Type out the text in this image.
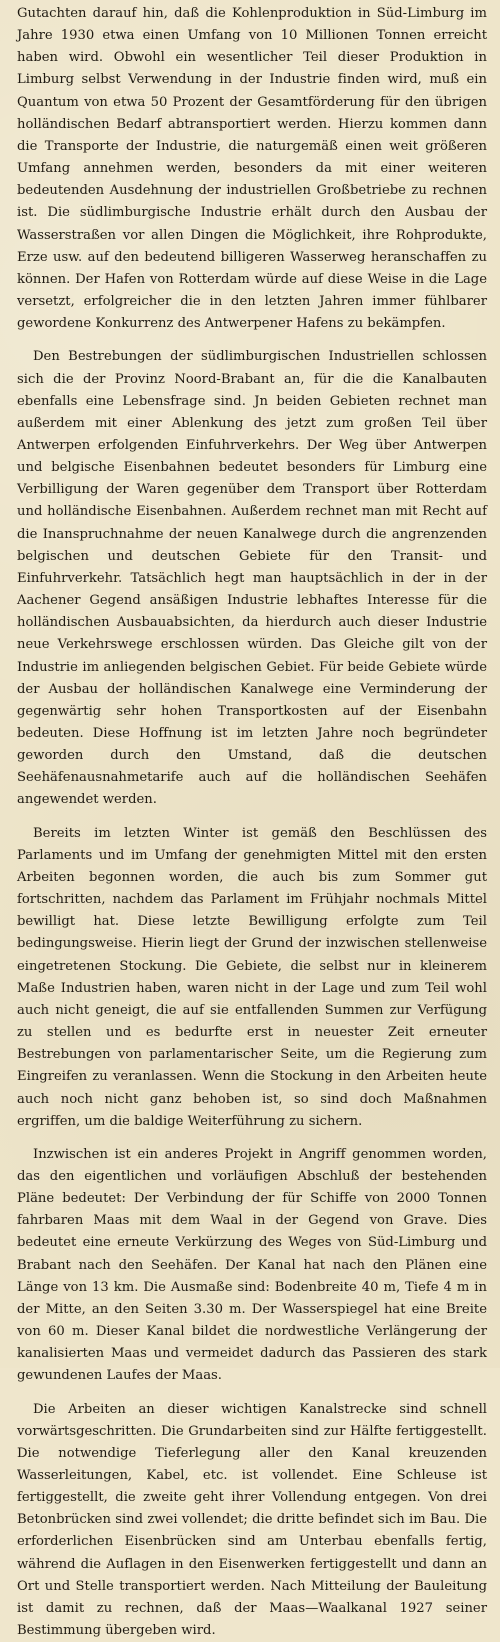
Gutachten darauf hin, daß die Kohlenproduktion in Süd-Limburg im Jahre 1930 etwa einen Umfang von 10 Millionen Tonnen erreicht haben wird. Obwohl ein wesentlicher Teil dieser Produktion in Limburg selbst Verwendung in der Industrie finden wird, muß ein Quantum von etwa 50 Prozent der Gesamtförderung für den übrigen holländischen Bedarf abtransportiert werden. Hierzu kommen dann die Transporte der Industrie, die naturgemäß einen weit größeren Umfang annehmen werden, besonders da mit einer weiteren bedeutenden Ausdehnung der industriellen Großbetriebe zu rechnen ist. Die südlimburgische Industrie erhält durch den Ausbau der Wasserstraßen vor allen Dingen die Möglichkeit, ihre Rohprodukte, Erze usw. auf den bedeutend billigeren Wasserweg heranschaffen zu können. Der Hafen von Rotterdam würde auf diese Weise in die Lage versetzt, erfolgreicher die in den letzten Jahren immer fühlbarer gewordene Konkurrenz des Antwerpener Hafens zu bekämpfen.

Den Bestrebungen der südlimburgischen Industriellen schlossen sich die der Provinz Noord-Brabant an, für die die Kanalbauten ebenfalls eine Lebensfrage sind. Jn beiden Gebieten rechnet man außerdem mit einer Ablenkung des jetzt zum großen Teil über Antwerpen erfolgenden Einfuhrverkehrs. Der Weg über Antwerpen und belgische Eisenbahnen bedeutet besonders für Limburg eine Verbilligung der Waren gegenüber dem Transport über Rotterdam und holländische Eisenbahnen. Außerdem rechnet man mit Recht auf die Inanspruchnahme der neuen Kanalwege durch die angrenzenden belgischen und deutschen Gebiete für den Transit- und Einfuhrverkehr. Tatsächlich hegt man hauptsächlich in der in der Aachener Gegend ansäßigen Industrie lebhaftes Interesse für die holländischen Ausbauabsichten, da hierdurch auch dieser Industrie neue Verkehrswege erschlossen würden. Das Gleiche gilt von der Industrie im anliegenden belgischen Gebiet. Für beide Gebiete würde der Ausbau der holländischen Kanalwege eine Verminderung der gegenwärtig sehr hohen Transportkosten auf der Eisenbahn bedeuten. Diese Hoffnung ist im letzten Jahre noch begründeter geworden durch den Umstand, daß die deutschen Seehäfenausnahmetarife auch auf die holländischen Seehäfen angewendet werden.

Bereits im letzten Winter ist gemäß den Beschlüssen des Parlaments und im Umfang der genehmigten Mittel mit den ersten Arbeiten begonnen worden, die auch bis zum Sommer gut fortschritten, nachdem das Parlament im Frühjahr nochmals Mittel bewilligt hat. Diese letzte Bewilligung erfolgte zum Teil bedingungsweise. Hierin liegt der Grund der inzwischen stellenweise eingetretenen Stockung. Die Gebiete, die selbst nur in kleinerem Maße Industrien haben, waren nicht in der Lage und zum Teil wohl auch nicht geneigt, die auf sie entfallenden Summen zur Verfügung zu stellen und es bedurfte erst in neuester Zeit erneuter Bestrebungen von parlamentarischer Seite, um die Regierung zum Eingreifen zu veranlassen. Wenn die Stockung in den Arbeiten heute auch noch nicht ganz behoben ist, so sind doch Maßnahmen ergriffen, um die baldige Weiterführung zu sichern.

Inzwischen ist ein anderes Projekt in Angriff genommen worden, das den eigentlichen und vorläufigen Abschluß der bestehenden Pläne bedeutet: Der Verbindung der für Schiffe von 2000 Tonnen fahrbaren Maas mit dem Waal in der Gegend von Grave. Dies bedeutet eine erneute Verkürzung des Weges von Süd-Limburg und Brabant nach den Seehäfen. Der Kanal hat nach den Plänen eine Länge von 13 km. Die Ausmaße sind: Bodenbreite 40 m, Tiefe 4 m in der Mitte, an den Seiten 3.30 m. Der Wasserspiegel hat eine Breite von 60 m. Dieser Kanal bildet die nordwestliche Verlängerung der kanalisierten Maas und vermeidet dadurch das Passieren des stark gewundenen Laufes der Maas.

Die Arbeiten an dieser wichtigen Kanalstrecke sind schnell vorwärtsgeschritten. Die Grundarbeiten sind zur Hälfte fertiggestellt. Die notwendige Tieferlegung aller den Kanal kreuzenden Wasserleitungen, Kabel, etc. ist vollendet. Eine Schleuse ist fertiggestellt, die zweite geht ihrer Vollendung entgegen. Von drei Betonbrücken sind zwei vollendet; die dritte befindet sich im Bau. Die erforderlichen Eisenbrücken sind am Unterbau ebenfalls fertig, während die Auflagen in den Eisenwerken fertiggestellt und dann an Ort und Stelle transportiert werden. Nach Mitteilung der Bauleitung ist damit zu rechnen, daß der Maas—Waalkanal 1927 seiner Bestimmung übergeben wird.
